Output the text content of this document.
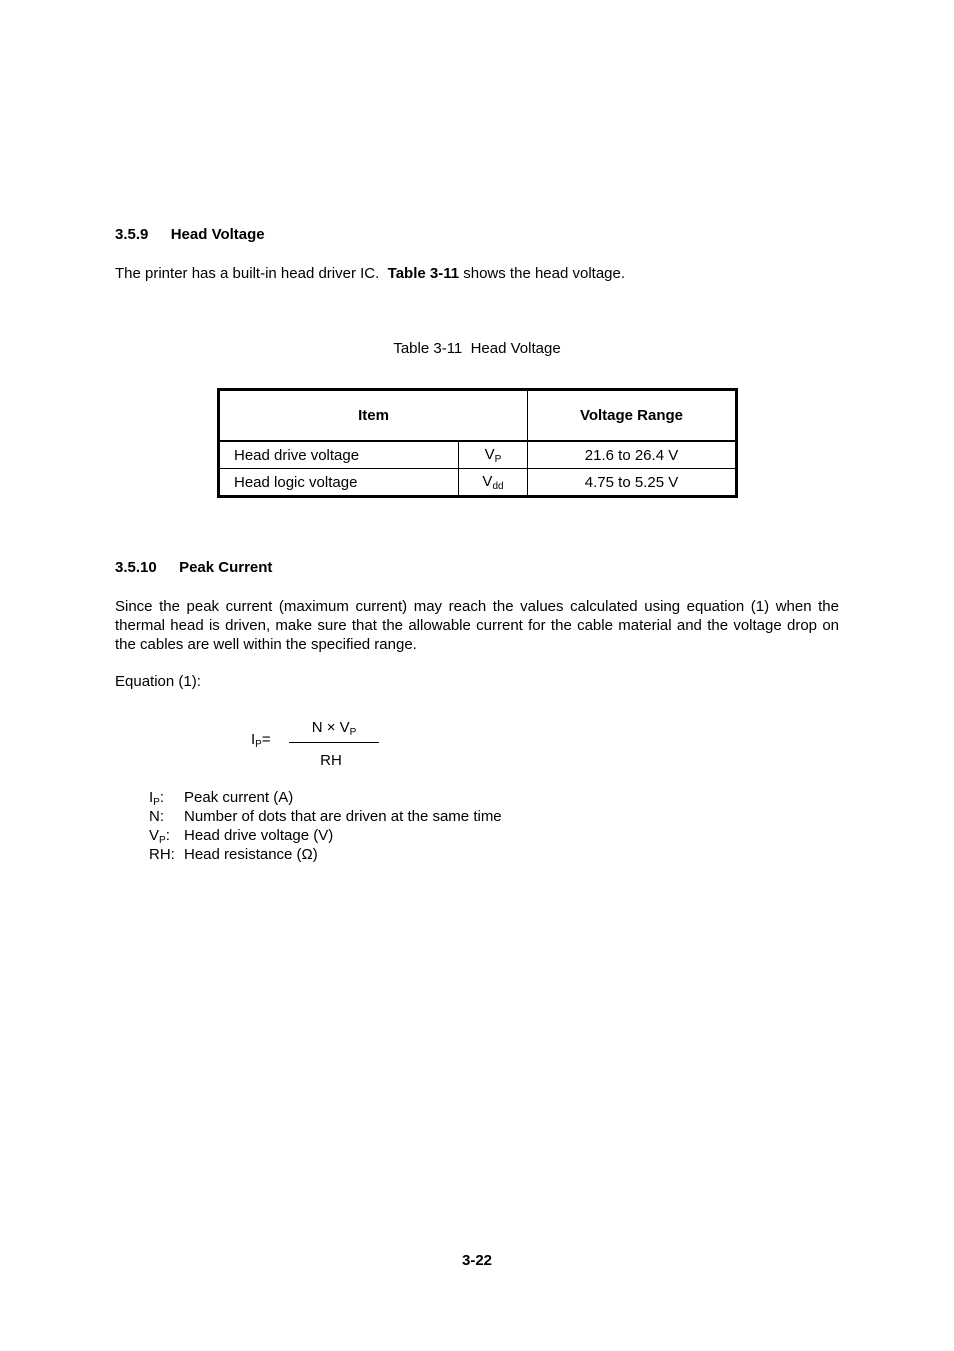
3.5.9 Head Voltage
The printer has a built-in head driver IC.  Table 3-11 shows the head voltage.
Table 3-11  Head Voltage
Item		Voltage Range
Head drive voltage	$V_P$	21.6 to 26.4 V
Head logic voltage	$V_{dd}$	4.75 to 5.25 V
3.5.10 Peak Current
Since the peak current (maximum current) may reach the values calculated using equation (1) when the thermal head is driven, make sure that the allowable current for the cable material and the voltage drop on the cables are well within the specified range.
Equation (1):
$I_P=$
$N \times V_P$
RH
$I_P$: Peak current (A)
N: Number of dots that are driven at the same time
$V_P$: Head drive voltage (V)
RH: Head resistance (Ω)
3-22
